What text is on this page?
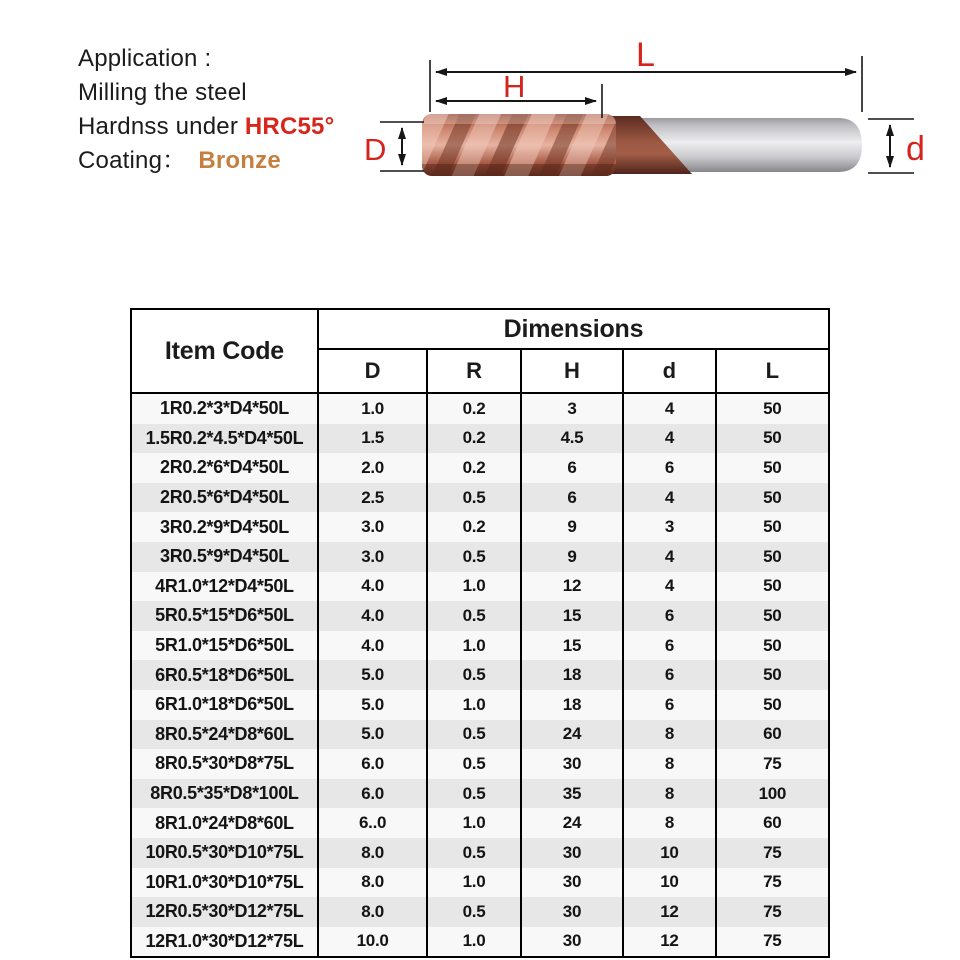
Application :
Milling the steel
Hardnss under HRC55°
Coating： Bronze
L
H
D	d
Item Code
Dimensions
D	R	H	d	L
1R0.2*3*D4*50L	1.0	0.2	3	4	50
1.5R0.2*4.5*D4*50L	1.5	0.2	4.5	4	50
2R0.2*6*D4*50L	2.0	0.2	6	6	50
2R0.5*6*D4*50L	2.5	0.5	6	4	50
3R0.2*9*D4*50L	3.0	0.2	9	3	50
3R0.5*9*D4*50L	3.0	0.5	9	4	50
4R1.0*12*D4*50L	4.0	1.0	12	4	50
5R0.5*15*D6*50L	4.0	0.5	15	6	50
5R1.0*15*D6*50L	4.0	1.0	15	6	50
6R0.5*18*D6*50L	5.0	0.5	18	6	50
6R1.0*18*D6*50L	5.0	1.0	18	6	50
8R0.5*24*D8*60L	5.0	0.5	24	8	60
8R0.5*30*D8*75L	6.0	0.5	30	8	75
8R0.5*35*D8*100L	6.0	0.5	35	8	100
8R1.0*24*D8*60L	6..0	1.0	24	8	60
10R0.5*30*D10*75L	8.0	0.5	30	10	75
10R1.0*30*D10*75L	8.0	1.0	30	10	75
12R0.5*30*D12*75L	8.0	0.5	30	12	75
12R1.0*30*D12*75L	10.0	1.0	30	12	75
